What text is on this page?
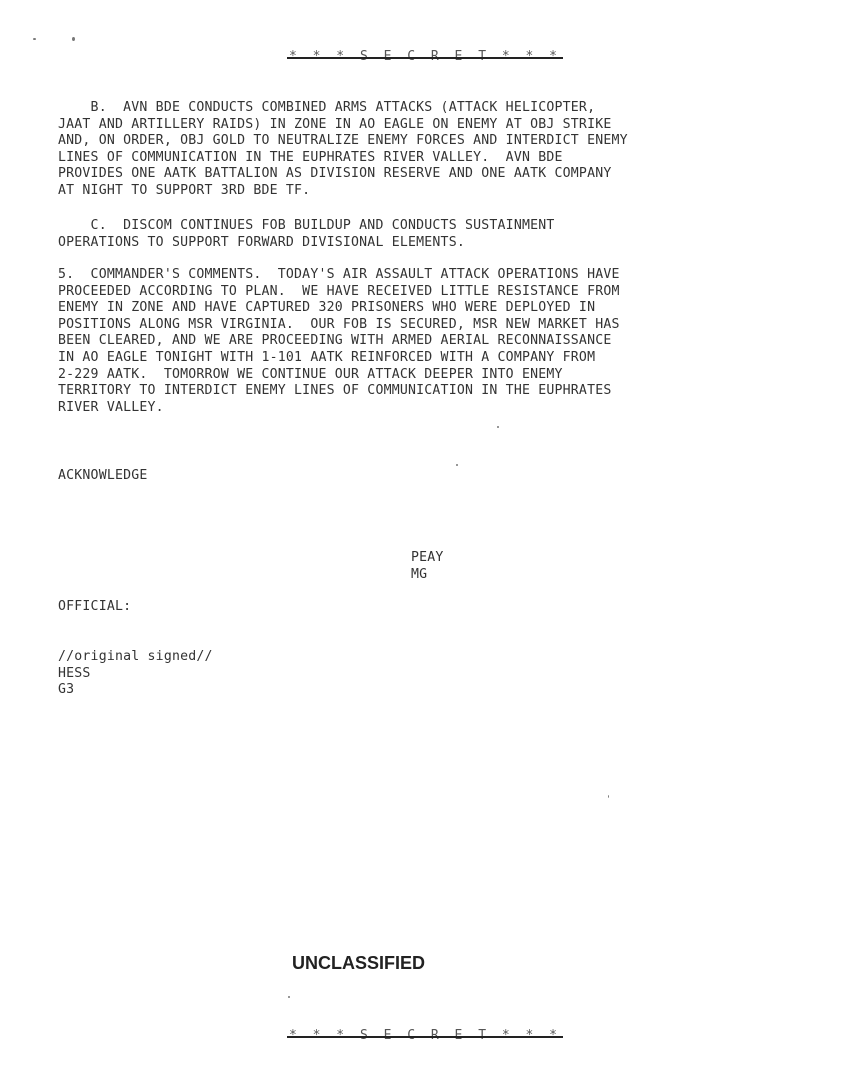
* * * S E C R E T * * *
B.  AVN BDE CONDUCTS COMBINED ARMS ATTACKS (ATTACK HELICOPTER,
JAAT AND ARTILLERY RAIDS) IN ZONE IN AO EAGLE ON ENEMY AT OBJ STRIKE
AND, ON ORDER, OBJ GOLD TO NEUTRALIZE ENEMY FORCES AND INTERDICT ENEMY
LINES OF COMMUNICATION IN THE EUPHRATES RIVER VALLEY.  AVN BDE
PROVIDES ONE AATK BATTALION AS DIVISION RESERVE AND ONE AATK COMPANY
AT NIGHT TO SUPPORT 3RD BDE TF.
C.  DISCOM CONTINUES FOB BUILDUP AND CONDUCTS SUSTAINMENT
OPERATIONS TO SUPPORT FORWARD DIVISIONAL ELEMENTS.
5.  COMMANDER'S COMMENTS.  TODAY'S AIR ASSAULT ATTACK OPERATIONS HAVE
PROCEEDED ACCORDING TO PLAN.  WE HAVE RECEIVED LITTLE RESISTANCE FROM
ENEMY IN ZONE AND HAVE CAPTURED 320 PRISONERS WHO WERE DEPLOYED IN
POSITIONS ALONG MSR VIRGINIA.  OUR FOB IS SECURED, MSR NEW MARKET HAS
BEEN CLEARED, AND WE ARE PROCEEDING WITH ARMED AERIAL RECONNAISSANCE
IN AO EAGLE TONIGHT WITH 1-101 AATK REINFORCED WITH A COMPANY FROM
2-229 AATK.  TOMORROW WE CONTINUE OUR ATTACK DEEPER INTO ENEMY
TERRITORY TO INTERDICT ENEMY LINES OF COMMUNICATION IN THE EUPHRATES
RIVER VALLEY.
ACKNOWLEDGE
PEAY
MG
OFFICIAL:
//original signed//
HESS
G3
UNCLASSIFIED
* * * S E C R E T * * *
